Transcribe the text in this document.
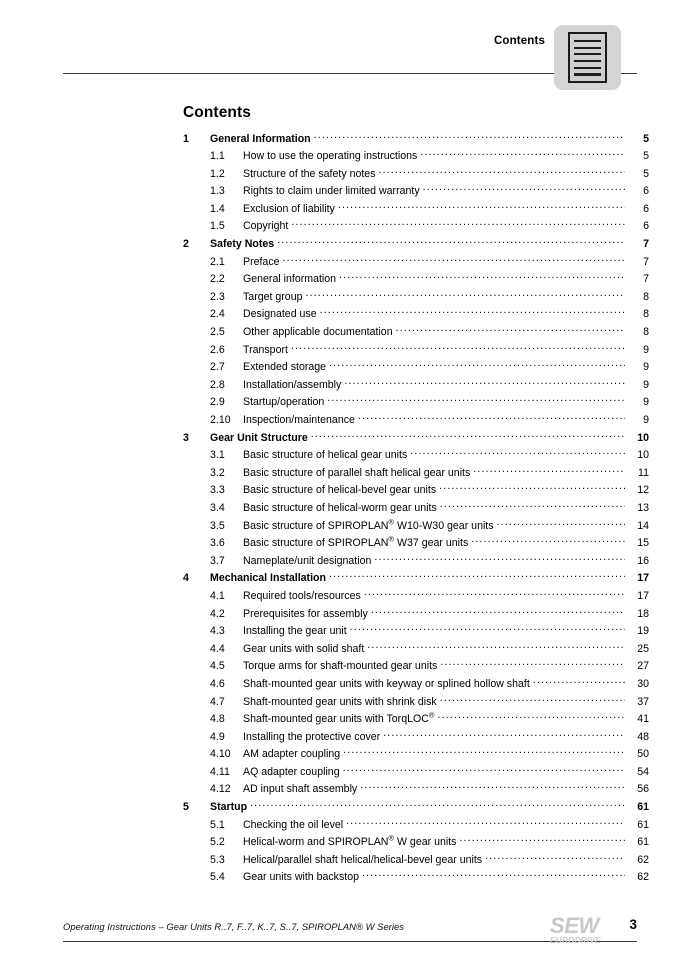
Contents
Contents
1	General Information . . .	5
1.1	How to use the operating instructions . . .	5
1.2	Structure of the safety notes . . .	5
1.3	Rights to claim under limited warranty . . .	6
1.4	Exclusion of liability . . .	6
1.5	Copyright . . .	6
2	Safety Notes . . .	7
2.1	Preface . . .	7
2.2	General information . . .	7
2.3	Target group . . .	8
2.4	Designated use . . .	8
2.5	Other applicable documentation . . .	8
2.6	Transport . . .	9
2.7	Extended storage . . .	9
2.8	Installation/assembly . . .	9
2.9	Startup/operation . . .	9
2.10	Inspection/maintenance . . .	9
3	Gear Unit Structure . . .	10
3.1	Basic structure of helical gear units . . .	10
3.2	Basic structure of parallel shaft helical gear units . . .	11
3.3	Basic structure of helical-bevel gear units . . .	12
3.4	Basic structure of helical-worm gear units . . .	13
3.5	Basic structure of SPIROPLAN® W10-W30 gear units . . .	14
3.6	Basic structure of SPIROPLAN® W37 gear units . . .	15
3.7	Nameplate/unit designation . . .	16
4	Mechanical Installation . . .	17
4.1	Required tools/resources . . .	17
4.2	Prerequisites for assembly . . .	18
4.3	Installing the gear unit . . .	19
4.4	Gear units with solid shaft . . .	25
4.5	Torque arms for shaft-mounted gear units . . .	27
4.6	Shaft-mounted gear units with keyway or splined hollow shaft . . .	30
4.7	Shaft-mounted gear units with shrink disk . . .	37
4.8	Shaft-mounted gear units with TorqLOC® . . .	41
4.9	Installing the protective cover . . .	48
4.10	AM adapter coupling . . .	50
4.11	AQ adapter coupling . . .	54
4.12	AD input shaft assembly . . .	56
5	Startup . . .	61
5.1	Checking the oil level . . .	61
5.2	Helical-worm and SPIROPLAN® W gear units . . .	61
5.3	Helical/parallel shaft helical/helical-bevel gear units . . .	62
5.4	Gear units with backstop . . .	62
Operating Instructions – Gear Units R..7, F..7, K..7, S..7, SPIROPLAN® W Series	SEW
EURODRIVE
3
